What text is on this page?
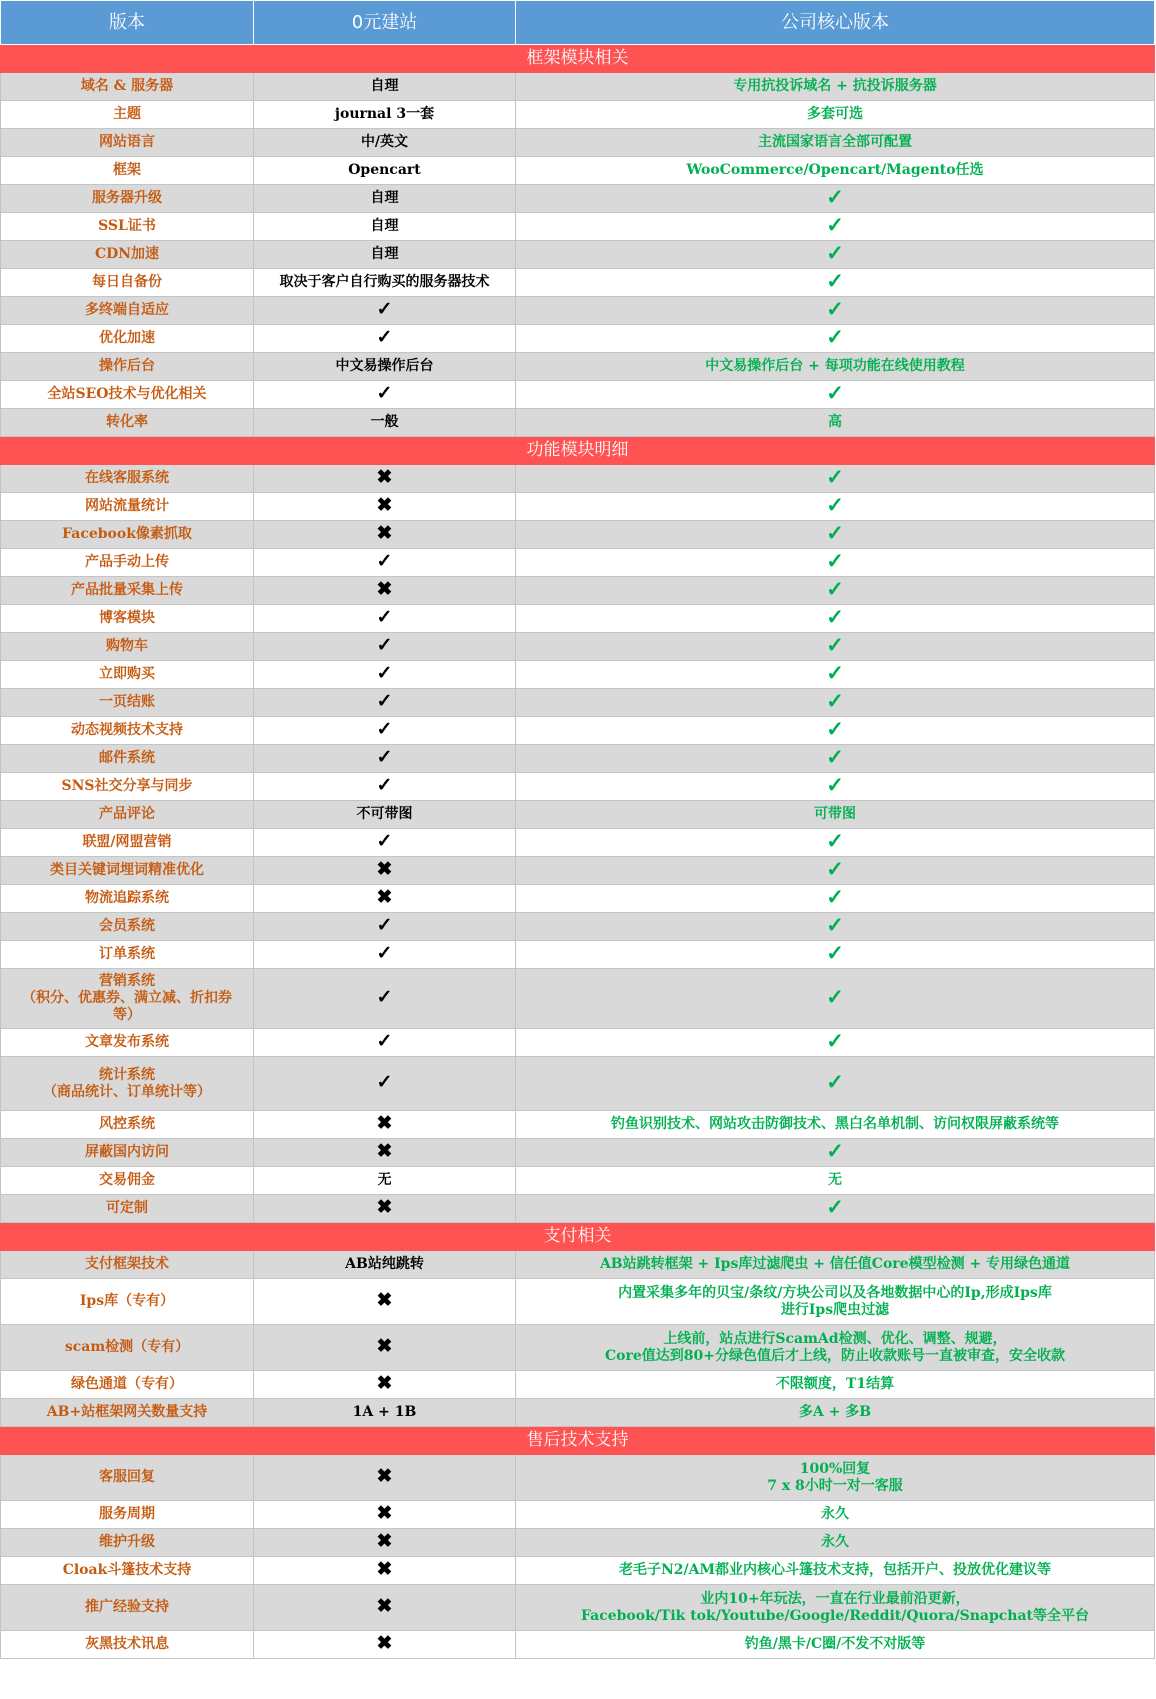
版本	0元建站	公司核心版本
框架模块相关		
域名 & 服务器	自理	专用抗投诉域名 + 抗投诉服务器
主题	journal 3一套	多套可选
网站语言	中/英文	主流国家语言全部可配置
框架	Opencart	WooCommerce/Opencart/Magento任选
服务器升级	自理	✓
SSL证书	自理	✓
CDN加速	自理	✓
每日自备份	取决于客户自行购买的服务器技术	✓
多终端自适应	✓	✓
优化加速	✓	✓
操作后台	中文易操作后台	中文易操作后台 + 每项功能在线使用教程
全站SEO技术与优化相关	✓	✓
转化率	一般	高
功能模块明细		
在线客服系统	✖	✓
网站流量统计	✖	✓
Facebook像素抓取	✖	✓
产品手动上传	✓	✓
产品批量采集上传	✖	✓
博客模块	✓	✓
购物车	✓	✓
立即购买	✓	✓
一页结账	✓	✓
动态视频技术支持	✓	✓
邮件系统	✓	✓
SNS社交分享与同步	✓	✓
产品评论	不可带图	可带图
联盟/网盟营销	✓	✓
类目关键词埋词精准优化	✖	✓
物流追踪系统	✖	✓
会员系统	✓	✓
订单系统	✓	✓
营销系统
（积分、优惠券、满立减、折扣券
等）	✓	✓
文章发布系统	✓	✓
统计系统
（商品统计、订单统计等）	✓	✓
风控系统	✖	钓鱼识别技术、网站攻击防御技术、黑白名单机制、访问权限屏蔽系统等
屏蔽国内访问	✖	✓
交易佣金	无	无
可定制	✖	✓
支付相关		
支付框架技术	AB站纯跳转	AB站跳转框架 + Ips库过滤爬虫 + 信任值Core模型检测 + 专用绿色通道
Ips库（专有）	✖	内置采集多年的贝宝/条纹/方块公司以及各地数据中心的Ip,形成Ips库
进行Ips爬虫过滤
scam检测（专有）	✖	上线前，站点进行ScamAd检测、优化、调整、规避，
Core值达到80+分绿色值后才上线，防止收款账号一直被审查，安全收款
绿色通道（专有）	✖	不限额度，T1结算
AB+站框架网关数量支持	1A + 1B	多A + 多B
售后技术支持		
客服回复	✖	100%回复
7 x 8小时一对一客服
服务周期	✖	永久
维护升级	✖	永久
Cloak斗篷技术支持	✖	老毛子N2/AM都业内核心斗篷技术支持，包括开户、投放优化建议等
推广经验支持	✖	业内10+年玩法，一直在行业最前沿更新，
Facebook/Tik tok/Youtube/Google/Reddit/Quora/Snapchat等全平台
灰黑技术讯息	✖	钓鱼/黑卡/C圈/不发不对版等
